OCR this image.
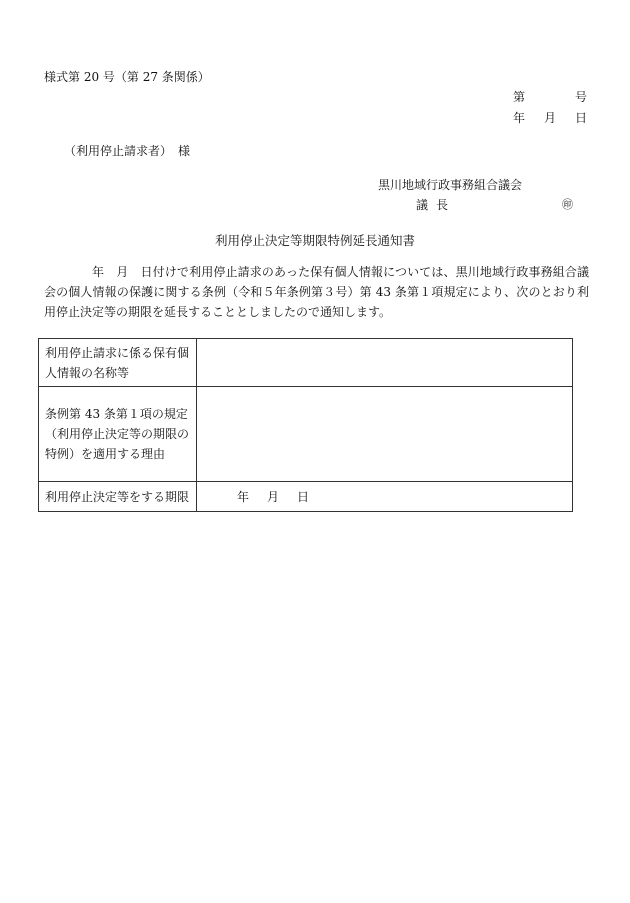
様式第 20 号（第 27 条関係）
第	号
年 月 日
（利用停止請求者）　様
黒川地域行政事務組合議会
議長	㊞
利用停止決定等期限特例延長通知書
年　月　日付けで利用停止請求のあった保有個人情報については、黒川地域行政事務組合議会の個人情報の保護に関する条例（令和５年条例第３号）第 43 条第１項規定により、次のとおり利用停止決定等の期限を延長することとしましたので通知します。
利用停止請求に係る保有個人情報の名称等	
条例第 43 条第１項の規定（利用停止決定等の期限の特例）を適用する理由	
利用停止決定等をする期限	年 月 日
